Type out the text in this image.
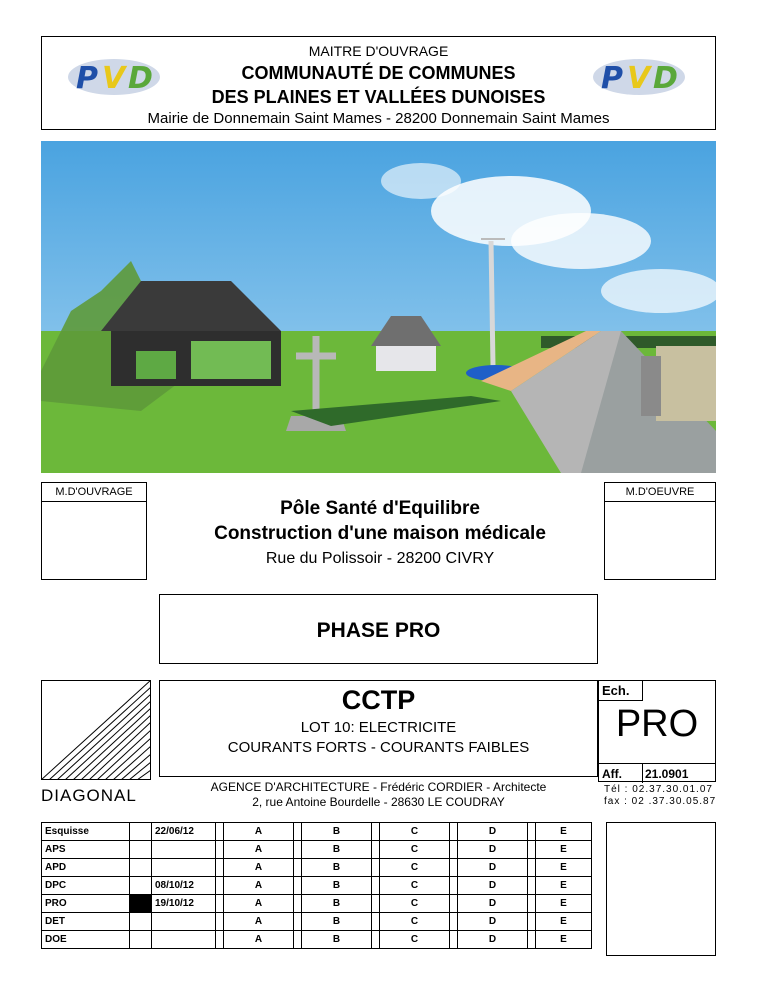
P V D	P V D
MAITRE D'OUVRAGE
COMMUNAUTÉ DE COMMUNES
DES PLAINES ET VALLÉES DUNOISES
Mairie de Donnemain Saint Mames - 28200 Donnemain Saint Mames
M.D'OUVRAGE	M.D'OEUVRE
Pôle Santé d'Equilibre
Construction d'une maison médicale
Rue du Polissoir - 28200 CIVRY
PHASE PRO
DIAGONAL
CCTP
LOT 10: ELECTRICITE
COURANTS FORTS - COURANTS FAIBLES
AGENCE D'ARCHITECTURE - Frédéric CORDIER - Architecte
2, rue Antoine Bourdelle - 28630 LE COUDRAY
Ech.
PRO
Aff.	21.0901
Tél : 02.37.30.01.07
fax : 02 .37.30.05.87
Esquisse		22/06/12		A		B		C		D		E
APS				A		B		C		D		E
APD				A		B		C		D		E
DPC		08/10/12		A		B		C		D		E
PRO		19/10/12		A		B		C		D		E
DET				A		B		C		D		E
DOE				A		B		C		D		E
